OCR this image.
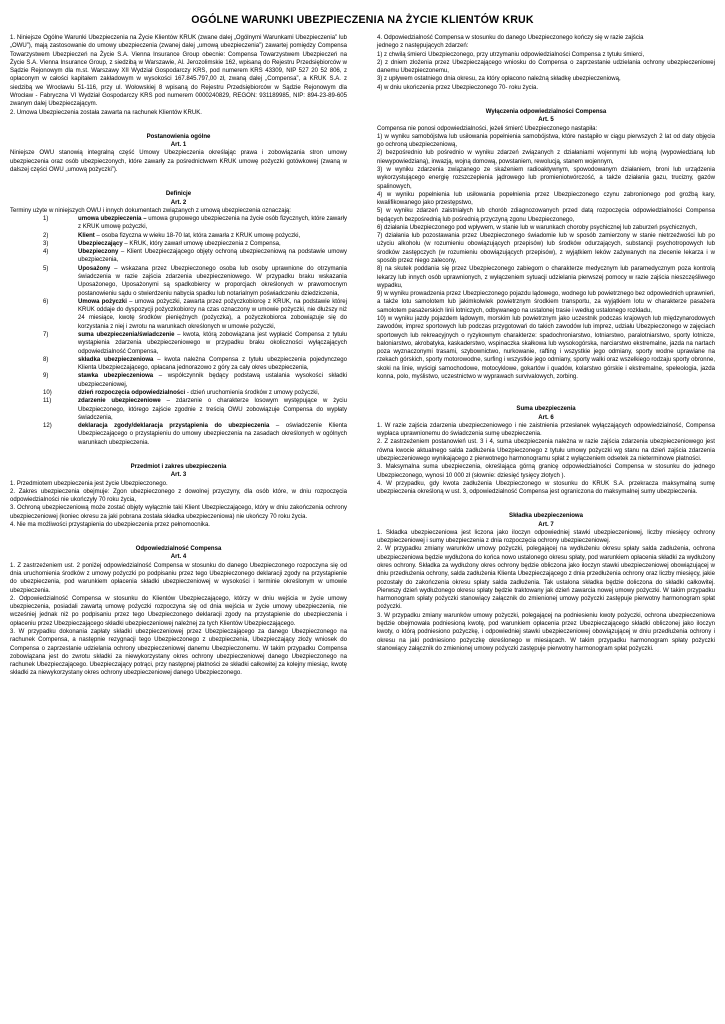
OGÓLNE WARUNKI UBEZPIECZENIA NA ŻYCIE KLIENTÓW KRUK

1. Niniejsze Ogólne Warunki Ubezpieczenia na Życie Klientów KRUK (zwane dalej „Ogólnymi Warunkami Ubezpieczenia” lub „OWU”), mają zastosowanie do umowy ubezpieczenia (zwanej dalej „umową ubezpieczenia”) zawartej pomiędzy Compensa Towarzystwem Ubezpieczeń na Życie S.A. Vienna Insurance Group obecnie: Compensa Towarzystwem Ubezpieczeń na Życie S.A. Vienna Insurance Group, z siedzibą w Warszawie, Al. Jerozolimskie 162, wpisaną do Rejestru Przedsiębiorców w Sądzie Rejonowym dla m.st. Warszawy XII Wydział Gospodarczy KRS, pod numerem KRS 43309, NIP 527 20 52 806, z opłaconym w całości kapitałem zakładowym w wysokości 167.845.797,00 zł, zwaną dalej „Compensa”, a KRUK S.A. z siedzibą we Wrocławiu 51-116, przy ul. Wołowskiej 8 wpisaną do Rejestru Przedsiębiorców w Sądzie Rejonowym dla Wrocław - Fabryczna VI Wydział Gospodarczy KRS pod numerem 0000240829, REGON: 931189985, NIP: 894-23-89-605 zwanym dalej Ubezpieczającym.

2. Umowa Ubezpieczenia została zawarta na rachunek Klientów KRUK.

Postanowienia ogólne

Art. 1

Niniejsze OWU stanowią integralną część Umowy Ubezpieczenia określając prawa i zobowiązania stron umowy ubezpieczenia oraz osób ubezpieczonych, które zawarły za pośrednictwem KRUK umowę pożyczki gotówkowej (zwaną w dalszej części OWU „umową pożyczki”).

Definicje

Art. 2

Terminy użyte w niniejszych OWU i innych dokumentach związanych z umową ubezpieczenia oznaczają:

1)	umowa ubezpieczenia – umowa grupowego ubezpieczenia na życie osób fizycznych, które zawarły z KRUK umowę pożyczki,
2)	Klient – osoba fizyczna w wieku 18-70 lat, która zawarła z KRUK umowę pożyczki,
3)	Ubezpieczający – KRUK, który zawarł umowę ubezpieczenia z Compensa,
4)	Ubezpieczony – Klient Ubezpieczającego objęty ochroną ubezpieczeniową na podstawie umowy ubezpieczenia,
5)	Uposażony – wskazana przez Ubezpieczonego osoba lub osoby uprawnione do otrzymania świadczenia w razie zajścia zdarzenia ubezpieczeniowego. W przypadku braku wskazania Uposażonego, Uposażonymi są spadkobiercy w proporcjach określonych w prawomocnym postanowieniu sądu o stwierdzeniu nabycia spadku lub notarialnym poświadczeniu dziedziczenia,
6)	Umowa pożyczki – umowa pożyczki, zawarta przez pożyczkobiorcę z KRUK, na podstawie której KRUK oddaje do dyspozycji pożyczkobiorcy na czas oznaczony w umowie pożyczki, nie dłuższy niż 24 miesiące, kwotę środków pieniężnych (pożyczka), a pożyczkobiorca zobowiązuje się do korzystania z niej i zwrotu na warunkach określonych w umowie pożyczki,
7)	suma ubezpieczenia/świadczenie – kwota, którą zobowiązana jest wypłacić Compensa z tytułu wystąpienia zdarzenia ubezpieczeniowego w przypadku braku okoliczności wyłączających odpowiedzialność Compensa,
8)	składka ubezpieczeniowa – kwota należna Compensa z tytułu ubezpieczenia pojedynczego Klienta Ubezpieczającego, opłacana jednorazowo z góry za cały okres ubezpieczenia,
9)	stawka ubezpieczeniowa – współczynnik będący podstawą ustalania wysokości składki ubezpieczeniowej,
10)	dzień rozpoczęcia odpowiedzialności - dzień uruchomienia środków z umowy pożyczki,
11)	zdarzenie ubezpieczeniowe – zdarzenie o charakterze losowym występujące w życiu Ubezpieczonego, którego zajście zgodnie z treścią OWU zobowiązuje Compensa do wypłaty świadczenia,
12)	deklaracja zgody/deklaracja przystąpienia do ubezpieczenia – oświadczenie Klienta Ubezpieczającego o przystąpieniu do umowy ubezpieczenia na zasadach określonych w ogólnych warunkach ubezpieczenia.

Przedmiot i zakres ubezpieczenia

Art. 3

1. Przedmiotem ubezpieczenia jest życie Ubezpieczonego.

2. Zakres ubezpieczenia obejmuje: Zgon ubezpieczonego z dowolnej przyczyny, dla osób które, w dniu rozpoczęcia odpowiedzialności nie ukończyły 70 roku życia,

3. Ochroną ubezpieczeniową może zostać objęty wyłącznie taki Klient Ubezpieczającego, który w dniu zakończenia ochrony ubezpieczeniowej (koniec okresu za jaki pobrana została składka ubezpieczeniowa) nie ukończy 70 roku życia.

4. Nie ma możliwości przystąpienia do ubezpieczenia przez pełnomocnika.

Odpowiedzialność Compensa

Art. 4

1. Z zastrzeżeniem ust. 2 poniżej odpowiedzialność Compensa w stosunku do danego Ubezpieczonego rozpoczyna się od dnia uruchomienia środków z umowy pożyczki po podpisaniu przez tego Ubezpieczonego deklaracji zgody na przystąpienie do ubezpieczenia, pod warunkiem opłacenia składki ubezpieczeniowej w wysokości i terminie określonym w umowie ubezpieczenia.

2. Odpowiedzialność Compensa w stosunku do Klientów Ubezpieczającego, którzy w dniu wejścia w życie umowy ubezpieczenia, posiadali zawartą umowę pożyczki rozpoczyna się od dnia wejścia w życie umowy ubezpieczenia, nie wcześniej jednak niż po podpisaniu przez tego Ubezpieczonego deklaracji zgody na przystąpienie do ubezpieczenia i opłaceniu przez Ubezpieczającego składki ubezpieczeniowej należnej za tych Klientów Ubezpieczającego.

3. W przypadku dokonania zapłaty składki ubezpieczeniowej przez Ubezpieczającego za danego Ubezpieczonego na rachunek Compensa, a następnie rezygnacji tego Ubezpieczonego z ubezpieczenia, Ubezpieczający złoży wniosek do Compensa o zaprzestanie udzielania ochrony ubezpieczeniowej danemu Ubezpieczonemu. W takim przypadku Compensa zobowiązana jest do zwrotu składki za niewykorzystany okres ochrony ubezpieczeniowej danego Ubezpieczonego na rachunek Ubezpieczającego. Ubezpieczający potrąci, przy następnej płatności ze składki całkowitej za kolejny miesiąc, kwotę składki za niewykorzystany okres ochrony ubezpieczeniowej danego Ubezpieczonego.

4. Odpowiedzialność Compensa w stosunku do danego Ubezpieczonego kończy się w razie zajścia

jednego z następujących zdarzeń:

1) z chwilą śmierci Ubezpieczonego, przy utrzymaniu odpowiedzialności Compensa z tytułu śmierci,

2) z dniem złożenia przez Ubezpieczającego wniosku do Compensa o zaprzestanie udzielania ochrony ubezpieczeniowej danemu Ubezpieczonemu,

3) z upływem ostatniego dnia okresu, za który opłacono należną składkę ubezpieczeniową,

4) w dniu ukończenia przez Ubezpieczonego 70- roku życia.

Wyłączenia odpowiedzialności Compensa

Art. 5

Compensa nie ponosi odpowiedzialności, jeżeli śmierć Ubezpieczonego nastąpiła:

1) w wyniku samobójstwa lub usiłowania popełnienia samobójstwa, które nastąpiło w ciągu pierwszych 2 lat od daty objęcia go ochroną ubezpieczeniową,

2) bezpośrednio lub pośrednio w wyniku zdarzeń związanych z działaniami wojennymi lub wojną (wypowiedzianą lub niewypowiedzianą), inwazją, wojną domową, powstaniem, rewolucją, stanem wojennym,

3) w wyniku zdarzenia związanego ze skażeniem radioaktywnym, spowodowanym działaniem, broni lub urządzenia wykorzystującego energię rozszczepienia jądrowego lub promieniotwórczość, a także działania gazu, trucizny, gazów spalinowych,

4) w wyniku popełnienia lub usiłowania popełnienia przez Ubezpieczonego czynu zabronionego pod groźbą kary, kwalifikowanego jako przestępstwo,

5) w wyniku zdarzeń zaistniałych lub chorób zdiagnozowanych przed datą rozpoczęcia odpowiedzialności Compensa będących bezpośrednią lub pośrednią przyczyną zgonu Ubezpieczonego,

6) działania Ubezpieczonego pod wpływem, w stanie lub w warunkach choroby psychicznej lub zaburzeń psychicznych,

7) działania lub pozostawania przez Ubezpieczonego świadomie lub w sposób zamierzony w stanie nietrzeźwości lub po użyciu alkoholu (w rozumieniu obowiązujących przepisów) lub środków odurzających, substancji psychotropowych lub środków zastępczych (w rozumieniu obowiązujących przepisów), z wyjątkiem leków zażywanych na zlecenie lekarza i w sposób przez niego zalecony,

8) na skutek poddania się przez Ubezpieczonego zabiegom o charakterze medycznym lub paramedycznym poza kontrolą lekarzy lub innych osób uprawnionych, z wyłączeniem sytuacji udzielania pierwszej pomocy w razie zajścia nieszczęśliwego wypadku,

9) w wyniku prowadzenia przez Ubezpieczonego pojazdu lądowego, wodnego lub powietrznego bez odpowiednich uprawnień, a także lotu samolotem lub jakimkolwiek powietrznym środkiem transportu, za wyjątkiem lotu w charakterze pasażera samolotem pasażerskich linii lotniczych, odbywanego na ustalonej trasie i według ustalonego rozkładu,

10) w wyniku jazdy pojazdem lądowym, morskim lub powietrznym jako uczestnik podczas krajowych lub międzynarodowych zawodów, imprez sportowych lub podczas przygotowań do takich zawodów lub imprez, udziału Ubezpieczonego w zajęciach sportowych lub rekreacyjnych o ryzykownym charakterze: spadochroniarstwo, lotniarstwo, paralotniarstwo, sporty lotnicze, baloniarstwo, akrobatyka, kaskaderstwo, wspinaczka skałkowa lub wysokogórska, narciarstwo ekstremalne, jazda na nartach poza wyznaczonymi trasami, szybownictwo, nurkowanie, rafting i wszystkie jego odmiany, sporty wodne uprawiane na rzekach górskich, sporty motorowodne, surfing i wszystkie jego odmiany, sporty walki oraz wszelkiego rodzaju sporty obronne, skoki na linie, wyścigi samochodowe, motocyklowe, gokartów i quadów, kolarstwo górskie i ekstremalne, speleologia, jazda konna, polo, myślistwo, uczestnictwo w wyprawach survivalowych, zorbing.

Suma ubezpieczenia

Art. 6

1. W razie zajścia zdarzenia ubezpieczeniowego i nie zaistnienia przesłanek wyłączających odpowiedzialność, Compensa wypłaca uprawnionemu do świadczenia sumę ubezpieczenia.

2. Z zastrzeżeniem postanowień ust. 3 i 4, suma ubezpieczenia należna w razie zajścia zdarzenia ubezpieczeniowego jest równa kwocie aktualnego salda zadłużenia Ubezpieczonego z tytułu umowy pożyczki wg stanu na dzień zajścia zdarzenia ubezpieczeniowego wynikającego z pierwotnego harmonogramu spłat z wyłączeniem odsetek za nieterminowe płatności.

3. Maksymalna suma ubezpieczenia, określająca górną granicę odpowiedzialności Compensa w stosunku do jednego Ubezpieczonego, wynosi 10 000 zł (słownie: dziesięć tysięcy złotych ).

4. W przypadku, gdy kwota zadłużenia Ubezpieczonego w stosunku do KRUK S.A. przekracza maksymalną sumę ubezpieczenia określoną w ust. 3, odpowiedzialność Compensa jest ograniczona do maksymalnej sumy ubezpieczenia.

Składka ubezpieczeniowa

Art. 7

1. Składka ubezpieczeniowa jest liczona jako iloczyn odpowiedniej stawki ubezpieczeniowej, liczby miesięcy ochrony ubezpieczeniowej i sumy ubezpieczenia z dnia rozpoczęcia ochrony ubezpieczeniowej.

2. W przypadku zmiany warunków umowy pożyczki, polegającej na wydłużeniu okresu spłaty salda zadłużenia, ochrona ubezpieczeniowa będzie wydłużona do końca nowo ustalonego okresu spłaty, pod warunkiem opłacenia składki za wydłużony okres ochrony. Składka za wydłużony okres ochrony będzie obliczona jako iloczyn stawki ubezpieczeniowej obowiązującej w dniu przedłużenia ochrony, salda zadłużenia Klienta Ubezpieczającego z dnia przedłużenia ochrony oraz liczby miesięcy, jakie pozostały do zakończenia okresu spłaty salda zadłużenia. Tak ustalona składka będzie doliczona do składki całkowitej. Pierwszy dzień wydłużonego okresu spłaty będzie traktowany jak dzień zawarcia nowej umowy pożyczki. W takim przypadku harmonogram spłaty pożyczki stanowiący załącznik do zmienionej umowy pożyczki zastępuje pierwotny harmonogram spłat pożyczki.

3. W przypadku zmiany warunków umowy pożyczki, polegającej na podniesieniu kwoty pożyczki, ochrona ubezpieczeniowa będzie obejmowała podniesioną kwotę, pod warunkiem opłacenia przez Ubezpieczającego składki obliczonej jako iloczyn kwoty, o którą podniesiono pożyczkę, i odpowiedniej stawki ubezpieczeniowej obowiązującej w dniu przedłużenia ochrony i okresu na jaki podniesiono pożyczkę określonego w miesiącach. W takim przypadku harmonogram spłaty pożyczki stanowiący załącznik do zmienionej umowy pożyczki zastępuje pierwotny harmonogram spłat pożyczki.
